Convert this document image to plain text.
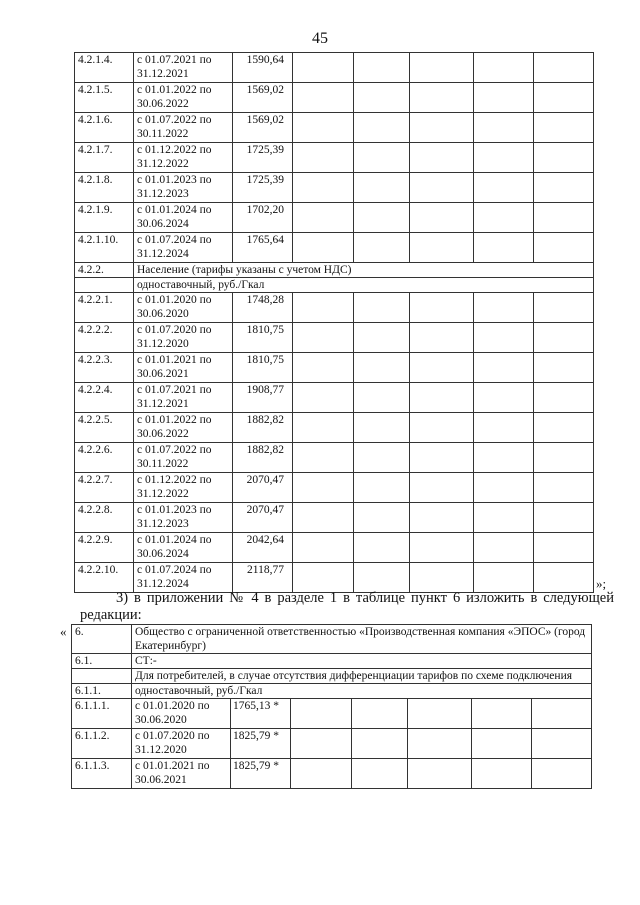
45
4.2.1.4.	с 01.07.2021 по 31.12.2021	1590,64					
4.2.1.5.	с 01.01.2022 по 30.06.2022	1569,02					
4.2.1.6.	с 01.07.2022 по 30.11.2022	1569,02					
4.2.1.7.	с 01.12.2022 по 31.12.2022	1725,39					
4.2.1.8.	с 01.01.2023 по 31.12.2023	1725,39					
4.2.1.9.	с 01.01.2024 по 30.06.2024	1702,20					
4.2.1.10.	с 01.07.2024 по 31.12.2024	1765,64					
4.2.2.	Население (тарифы указаны с учетом НДС)						
	одноставочный, руб./Гкал						
4.2.2.1.	с 01.01.2020 по 30.06.2020	1748,28					
4.2.2.2.	с 01.07.2020 по 31.12.2020	1810,75					
4.2.2.3.	с 01.01.2021 по 30.06.2021	1810,75					
4.2.2.4.	с 01.07.2021 по 31.12.2021	1908,77					
4.2.2.5.	с 01.01.2022 по 30.06.2022	1882,82					
4.2.2.6.	с 01.07.2022 по 30.11.2022	1882,82					
4.2.2.7.	с 01.12.2022 по 31.12.2022	2070,47					
4.2.2.8.	с 01.01.2023 по 31.12.2023	2070,47					
4.2.2.9.	с 01.01.2024 по 30.06.2024	2042,64					
4.2.2.10.	с 01.07.2024 по 31.12.2024	2118,77					
»;
3) в приложении № 4 в разделе 1 в таблице пункт 6 изложить в следующей редакции:
« 6.	Общество с ограниченной ответственностью «Производственная компания «ЭПОС» (город Екатеринбург)						
6.1.	СТ:-						
	Для потребителей, в случае отсутствия дифференциации тарифов по схеме подключения						
6.1.1.	одноставочный, руб./Гкал						
6.1.1.1.	с 01.01.2020 по 30.06.2020	1765,13 *					
6.1.1.2.	с 01.07.2020 по 31.12.2020	1825,79 *					
6.1.1.3.	с 01.01.2021 по 30.06.2021	1825,79 *					
